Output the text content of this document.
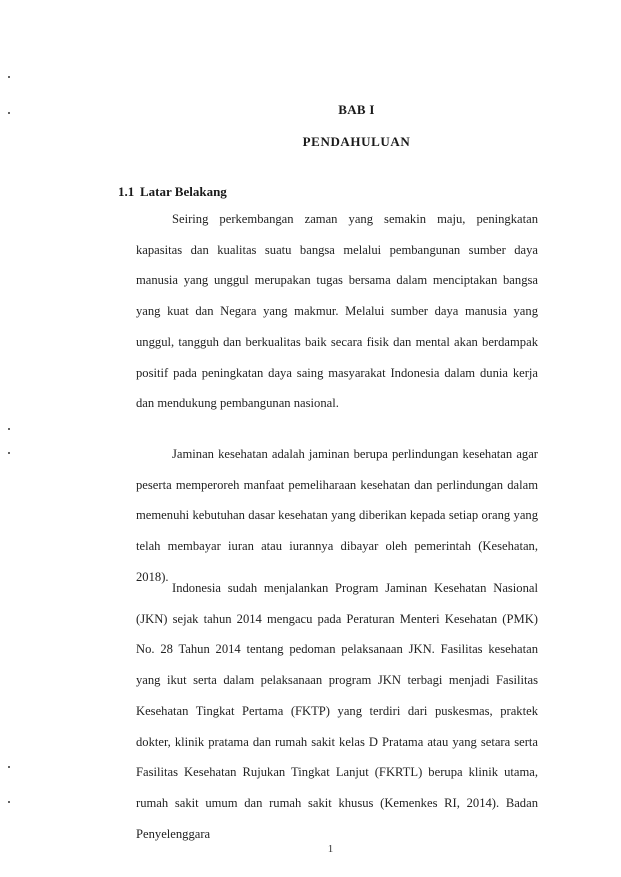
BAB I
PENDAHULUAN
1.1 Latar Belakang

Seiring perkembangan zaman yang semakin maju, peningkatan kapasitas dan kualitas suatu bangsa melalui pembangunan sumber daya manusia yang unggul merupakan tugas bersama dalam menciptakan bangsa yang kuat dan Negara yang makmur. Melalui sumber daya manusia yang unggul, tangguh dan berkualitas baik secara fisik dan mental akan berdampak positif pada peningkatan daya saing masyarakat Indonesia dalam dunia kerja dan mendukung pembangunan nasional.

Jaminan kesehatan adalah jaminan berupa perlindungan kesehatan agar peserta memperoreh manfaat pemeliharaan kesehatan dan perlindungan dalam memenuhi kebutuhan dasar kesehatan yang diberikan kepada setiap orang yang telah membayar iuran atau iurannya dibayar oleh pemerintah (Kesehatan, 2018).

Indonesia sudah menjalankan Program Jaminan Kesehatan Nasional (JKN) sejak tahun 2014 mengacu pada Peraturan Menteri Kesehatan (PMK) No. 28 Tahun 2014 tentang pedoman pelaksanaan JKN. Fasilitas kesehatan yang ikut serta dalam pelaksanaan program JKN terbagi menjadi Fasilitas Kesehatan Tingkat Pertama (FKTP) yang terdiri dari puskesmas, praktek dokter, klinik pratama dan rumah sakit kelas D Pratama atau yang setara serta Fasilitas Kesehatan Rujukan Tingkat Lanjut (FKRTL) berupa klinik utama, rumah sakit umum dan rumah sakit khusus (Kemenkes RI, 2014). Badan Penyelenggara

1
